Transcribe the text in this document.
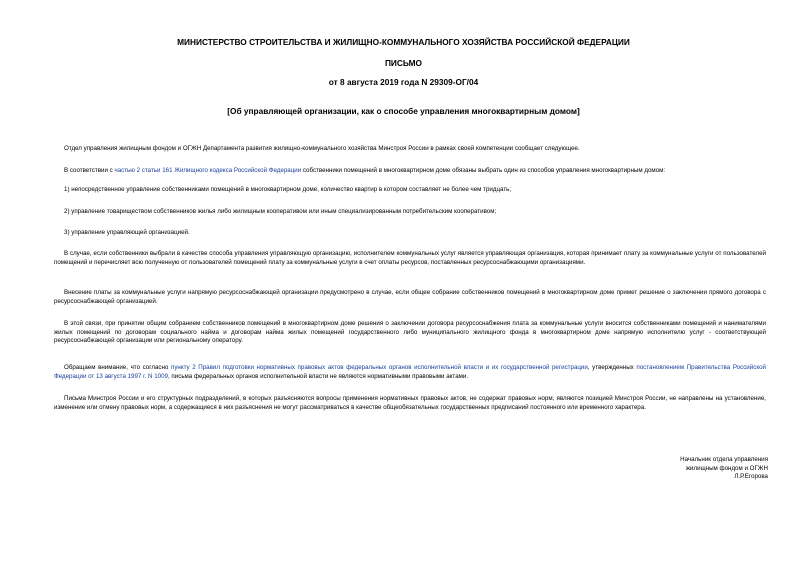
МИНИСТЕРСТВО СТРОИТЕЛЬСТВА И ЖИЛИЩНО-КОММУНАЛЬНОГО ХОЗЯЙСТВА РОССИЙСКОЙ ФЕДЕРАЦИИ
ПИСЬМО
от 8 августа 2019 года N 29309-ОГ/04
[Об управляющей организации, как о способе управления многоквартирным домом]
Отдел управления жилищным фондом и ОГЖН Департамента развития жилищно-коммунального хозяйства Минстроя России в рамках своей компетенции сообщает следующее.
В соответствии с частью 2 статьи 161 Жилищного кодекса Российской Федерации собственники помещений в многоквартирном доме обязаны выбрать один из способов управления многоквартирным домом:
1) непосредственное управление собственниками помещений в многоквартирном доме, количество квартир в котором составляет не более чем тридцать;
2) управление товариществом собственников жилья либо жилищным кооперативом или иным специализированным потребительским кооперативом;
3) управление управляющей организацией.
В случае, если собственники выбрали в качестве способа управления управляющую организацию, исполнителем коммунальных услуг является управляющая организация, которая принимает плату за коммунальные услуги от пользователей помещений и перечисляет всю полученную от пользователей помещений плату за коммунальные услуги в счет оплаты ресурсов, поставленных ресурсоснабжающими организациями.
Внесение платы за коммунальные услуги напрямую ресурсоснабжающей организации предусмотрено в случае, если общее собрание собственников помещений в многоквартирном доме примет решение о заключении прямого договора с ресурсоснабжающей организацией.
В этой связи, при принятии общим собранием собственников помещений в многоквартирном доме решения о заключении договора ресурсоснабжения плата за коммунальные услуги вносится собственниками помещений и нанимателями жилых помещений по договорам социального найма и договорам найма жилых помещений государственного либо муниципального жилищного фонда в многоквартирном доме напрямую исполнителю услуг - соответствующей ресурсоснабжающей организации или региональному оператору.
Обращаем внимание, что согласно пункту 2 Правил подготовки нормативных правовых актов федеральных органов исполнительной власти и их государственной регистрации, утвержденных постановлением Правительства Российской Федерации от 13 августа 1997 г. N 1009, письма федеральных органов исполнительной власти не являются нормативными правовыми актами.
Письма Минстроя России и его структурных подразделений, в которых разъясняются вопросы применения нормативных правовых актов, не содержат правовых норм, являются позицией Минстроя России, не направлены на установление, изменение или отмену правовых норм, а содержащиеся в них разъяснения не могут рассматриваться в качестве общеобязательных государственных предписаний постоянного или временного характера.
Начальник отдела управления
жилищным фондом и ОГЖН
Л.Р.Егорова
